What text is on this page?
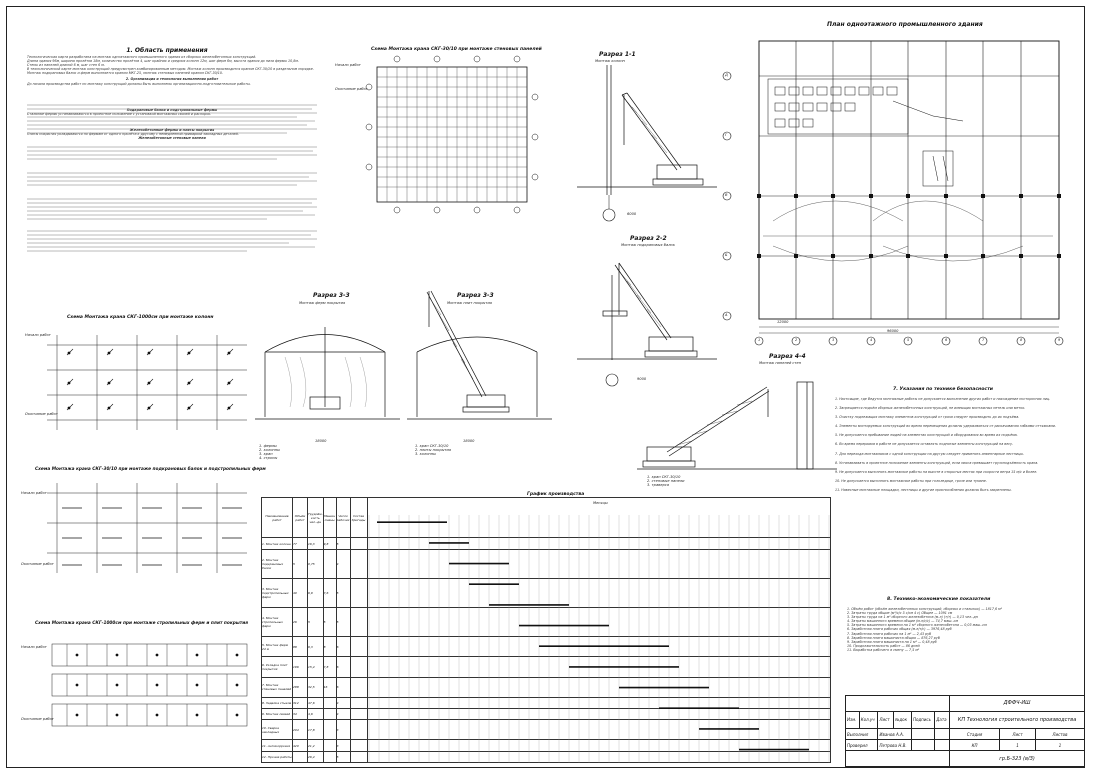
1. Область применения
Технологическая карта разработана на монтаж одноэтажного промышленного здания из сборных железобетонных конструкций.
Длина здания 96м, ширина пролётов 18м, количество пролётов 4, шаг крайних и средних колонн 12м, шаг ферм 6м, высота здания до низа фермы 10,8м.
Стены из панелей длиной 6 м, шаг стен 6 м.
В технологической карте монтаж конструкций предусмотрен комбинированным методом. Монтаж колонн производится краном СКГ-30/10 в раздельном порядке.
Монтаж подкрановых балок и ферм выполняется краном МКГ-25, монтаж стеновых панелей краном СКГ-30/10.
2. Организация и технология выполнения работ
До начала производства работ по монтажу конструкций должны быть выполнены организационно-подготовительные работы.

Подкрановые балки и подстропильные фермы
Стальные фермы устанавливаются в проектное положение с установкой монтажных связей и распорок.

Железобетонные фермы и плиты покрытия
Плиты покрытия укладываются по фермам от одного пролёта к другому с немедленной приваркой закладных деталей.
Железобетонные стеновые панели
Схема Монтажа крана СКГ-30/10 при монтаже стеновых панелей
Начало работ
Окончание работ
Разрез 1-1
Монтаж колонн
6000
Разрез 2-2
Монтаж подкрановых балок
9000
План одноэтажного промышленного здания
Д
Г
В
Б
А
1	2	3	4	5	6	7	8	9
12000
96000
Схема Монтажа крана СКГ-1000см при монтаже колонн
Начало работ
Окончание работ
Разрез 3-3
Монтаж ферм покрытия
18000
1. фермы
2. колонны
3. кран
4. стропы
Разрез 3-3
Монтаж плит покрытия
18000
1. кран СКГ-30/10
2. плиты покрытия
3. колонны
Разрез 4-4
Монтаж панелей стен
1. кран СКГ-30/10
2. стеновые панели
3. траверса
Схема Монтажа крана СКГ-30/10 при монтаже подкрановых балок и подстропильных ферм
Начало работ
Окончание работ
Схема Монтажа крана СКГ-1000см при монтаже стропильных ферм и плит покрытия
Начало работ
Окончание работ
График производства
Месяцы
Наименование работ	Объём работ	Трудоём- кость чел.-дн	Машин смены	Число рабочих	Состав бригады	
1. Монтаж колонн	77	16,3	9,8	5		
2. Монтаж подкрановых балок	5	0,75		4		
3. Монтаж подстропильных ферм	40	6,9	7,6	5		
4. Монтаж стропильных ферм	26	5	5	5		
5. Монтаж ферм 24 м	88	9,3	8	6		
6. Укладка плит покрытия	196	15,4	7,8	6		
7. Монтаж стеновых панелей	288	32,5	16	6		
8. Заделка стыков	312	47,6		4		
9. Монтаж связей	34	4,6		4		
10. Сварка закладных	204	17,8		3		
11. Антикоррозия	420	21,2		3		
12. Прочие работы		26,4		5		
7. Указания по технике безопасности
1. Настоящие, где Ведутся монтажные работы не допускается выполнение других работ и нахождение посторонних лиц.
2. Запрещается подъём сборных железобетонных конструкций, не имеющих монтажных петель или меток.
3. Очистку подлежащих монтажу элементов конструкций от грязи следует производить до их подъёма.
4. Элементы монтируемых конструкций во время перемещения должны удерживаться от раскачивания гибкими оттяжками.
5. Не допускается пребывание людей на элементах конструкций и оборудования во время их подъёма.
6. Во время перерывов в работе не допускается оставлять поднятые элементы конструкций на весу.
7. Для перехода монтажников с одной конструкции на другую следует применять инвентарные лестницы.
8. Устанавливать в проектное положение элементы конструкций, если масса превышает грузоподъёмность крана.
9. Не допускается выполнять монтажные работы на высоте в открытых местах при скорости ветра 15 м/с и более.
10. Не допускается выполнять монтажные работы при гололедице, грозе или тумане.
11. Навесные монтажные площадки, лестницы и другие приспособления должны быть закреплены.
8. Технико-экономические показатели
1. Объём работ (объём железобетонных конструкций, сборных и стальных) — 1817,6 м³
2. Затраты труда общие (м³/с/с 5 с/см 4 с) Общее — 1091 см
3. Затраты труда на 1 м³ сборного железобетона (м.л) (т/т) — 0,13 чел.-дн
4. Затраты машинного времени общие (м.л/с/с) — 74,7 маш.-см
5. Затраты машинного времени на 1 м³ сборного железобетона — 0,03 маш.-см
6. Заработная плата рабочих общая (м.л/т/с) — 3976,48 руб
7. Заработная плата рабочих на 1 м³ — 2,43 руб
8. Заработная плата машиниста общая — 876,27 руб
9. Заработная плата машиниста на 1 м³ — 0,48 руб
10. Продолжительность работ — 86 дней
11. Выработка рабочего в смену — 7,5 м³
						ДФФЧ-ИШ		
Изм.	Кол.уч	Лист	№док	Подпись	Дата	КП Технология строительного производства		
Выполнил		Иванов А.А.				Стадия	Лист	Листов
Проверил		Петрова Н.В.				КП	1	1
						гр.Б-323 (в/З)		
